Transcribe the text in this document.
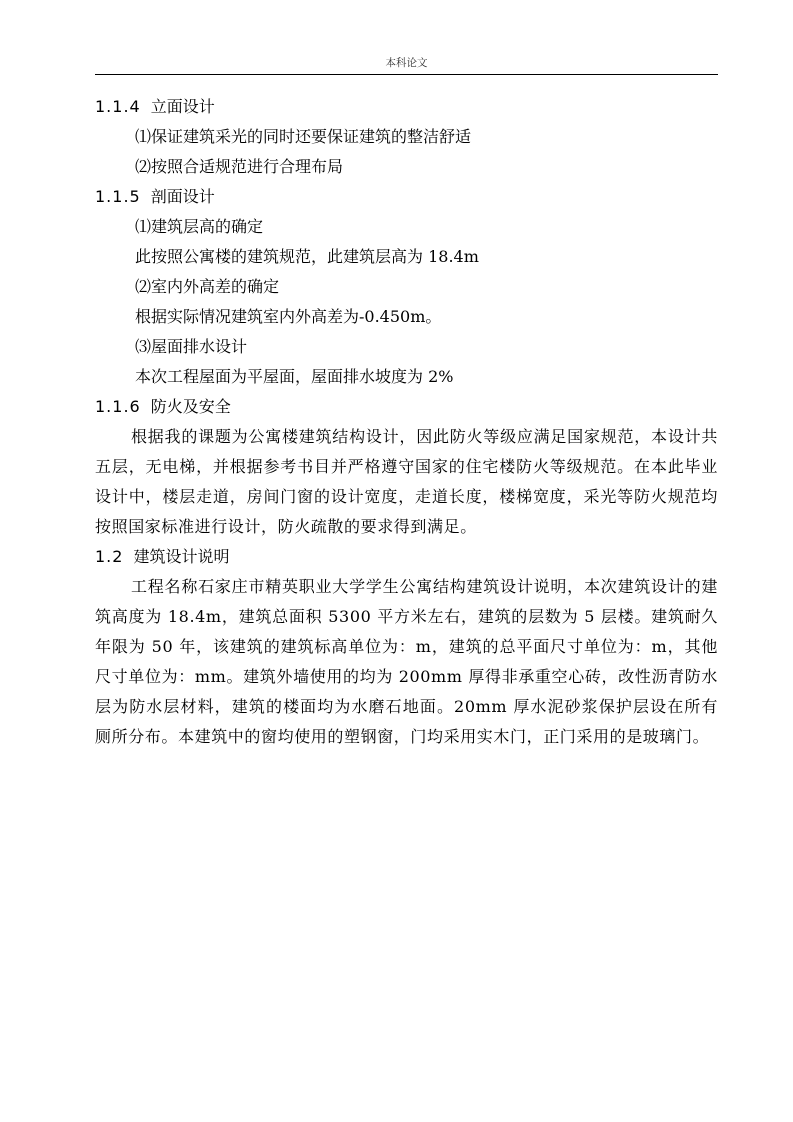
本科论文
1.1.4 立面设计
⑴保证建筑采光的同时还要保证建筑的整洁舒适
⑵按照合适规范进行合理布局
1.1.5 剖面设计
⑴建筑层高的确定
此按照公寓楼的建筑规范，此建筑层高为 18.4m
⑵室内外高差的确定
根据实际情况建筑室内外高差为-0.450m。
⑶屋面排水设计
本次工程屋面为平屋面，屋面排水坡度为 2%
1.1.6 防火及安全

根据我的课题为公寓楼建筑结构设计，因此防火等级应满足国家规范，本设计共五层，无电梯，并根据参考书目并严格遵守国家的住宅楼防火等级规范。在本此毕业设计中，楼层走道，房间门窗的设计宽度，走道长度，楼梯宽度，采光等防火规范均按照国家标准进行设计，防火疏散的要求得到满足。

1.2 建筑设计说明

工程名称石家庄市精英职业大学学生公寓结构建筑设计说明，本次建筑设计的建筑高度为 18.4m，建筑总面积 5300 平方米左右，建筑的层数为 5 层楼。建筑耐久年限为 50 年，该建筑的建筑标高单位为：m，建筑的总平面尺寸单位为：m，其他尺寸单位为：mm。建筑外墙使用的均为 200mm 厚得非承重空心砖，改性沥青防水层为防水层材料，建筑的楼面均为水磨石地面。20mm 厚水泥砂浆保护层设在所有厕所分布。本建筑中的窗均使用的塑钢窗，门均采用实木门，正门采用的是玻璃门。
